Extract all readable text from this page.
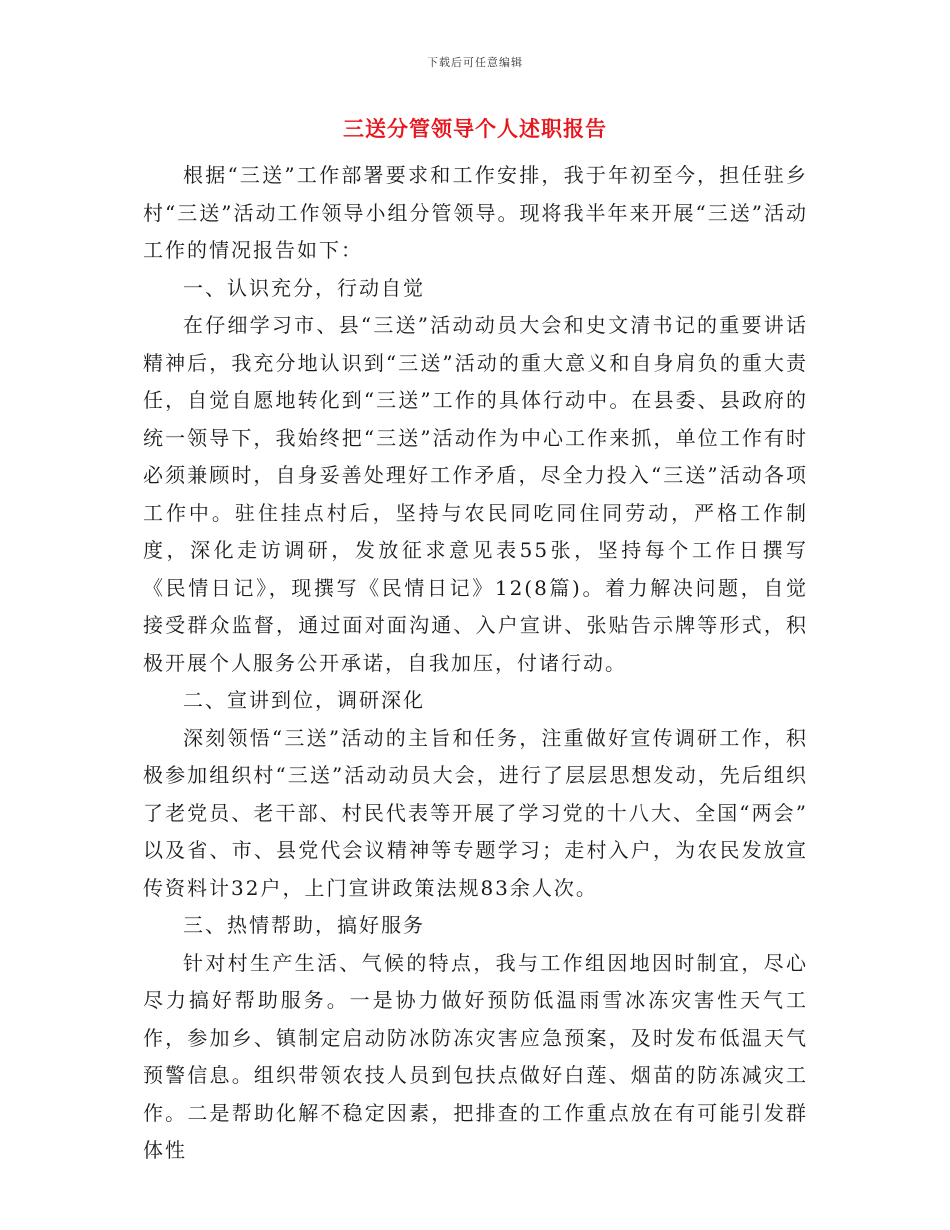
下载后可任意编辑
三送分管领导个人述职报告

根据“三送”工作部署要求和工作安排，我于年初至今，担任驻乡村“三送”活动工作领导小组分管领导。现将我半年来开展“三送”活动工作的情况报告如下：

一、认识充分，行动自觉

在仔细学习市、县“三送”活动动员大会和史文清书记的重要讲话精神后，我充分地认识到“三送”活动的重大意义和自身肩负的重大责任，自觉自愿地转化到“三送”工作的具体行动中。在县委、县政府的统一领导下，我始终把“三送”活动作为中心工作来抓，单位工作有时必须兼顾时，自身妥善处理好工作矛盾，尽全力投入“三送”活动各项工作中。驻住挂点村后，坚持与农民同吃同住同劳动，严格工作制度，深化走访调研，发放征求意见表55张，坚持每个工作日撰写《民情日记》，现撰写《民情日记》12(8篇)。着力解决问题，自觉接受群众监督，通过面对面沟通、入户宣讲、张贴告示牌等形式，积极开展个人服务公开承诺，自我加压，付诸行动。

二、宣讲到位，调研深化

深刻领悟“三送”活动的主旨和任务，注重做好宣传调研工作，积极参加组织村“三送”活动动员大会，进行了层层思想发动，先后组织了老党员、老干部、村民代表等开展了学习党的十八大、全国“两会” 以及省、市、县党代会议精神等专题学习；走村入户，为农民发放宣传资料计32户，上门宣讲政策法规83余人次。

三、热情帮助，搞好服务

针对村生产生活、气候的特点，我与工作组因地因时制宜，尽心尽力搞好帮助服务。一是协力做好预防低温雨雪冰冻灾害性天气工作，参加乡、镇制定启动防冰防冻灾害应急预案，及时发布低温天气预警信息。组织带领农技人员到包扶点做好白莲、烟苗的防冻减灾工作。二是帮助化解不稳定因素，把排查的工作重点放在有可能引发群体性
